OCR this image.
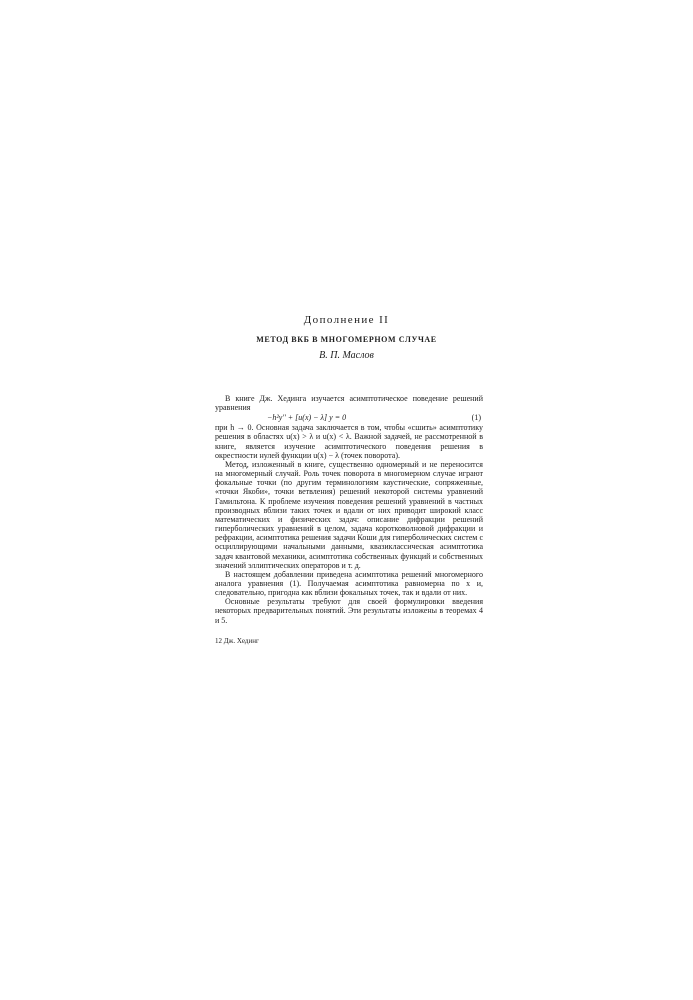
Дополнение II
МЕТОД ВКБ В МНОГОМЕРНОМ СЛУЧАЕ
В. П. Маслов

В книге Дж. Хединга изучается асимптотическое поведение решений уравнения

−h²y'' + [u(x) − λ] y = 0	(1)

при h → 0. Основная задача заключается в том, чтобы «сшить» асимптотику решения в областях u(x) > λ и u(x) < λ. Важной задачей, не рассмотренной в книге, является изучение асимптотического поведения решения в окрестности нулей функции u(x) − λ (точек поворота).

Метод, изложенный в книге, существенно одномерный и не переносится на многомерный случай. Роль точек поворота в многомерном случае играют фокальные точки (по другим терминологиям каустические, сопряженные, «точки Якоби», точки ветвления) решений некоторой системы уравнений Гамильтона. К проблеме изучения поведения решений уравнений в частных производных вблизи таких точек и вдали от них приводит широкий класс математических и физических задач: описание дифракции решений гиперболических уравнений в целом, задача коротковолновой дифракции и рефракции, асимптотика решения задачи Коши для гиперболических систем с осциллирующими начальными данными, квазиклассическая асимптотика задач квантовой механики, асимптотика собственных функций и собственных значений эллиптических операторов и т. д.

В настоящем добавлении приведена асимптотика решений многомерного аналога уравнения (1). Получаемая асимптотика равномерна по x и, следовательно, пригодна как вблизи фокальных точек, так и вдали от них.

Основные результаты требуют для своей формулировки введения некоторых предварительных понятий. Эти результаты изложены в теоремах 4 и 5.

12 Дж. Хединг
